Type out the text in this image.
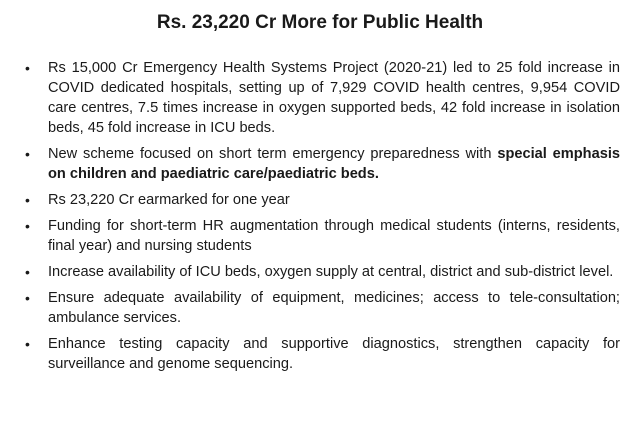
Rs. 23,220 Cr More for Public Health
• Rs 15,000 Cr Emergency Health Systems Project (2020-21) led to 25 fold increase in COVID dedicated hospitals, setting up of 7,929 COVID health centres, 9,954 COVID care centres, 7.5 times increase in oxygen supported beds, 42 fold increase in isolation beds, 45 fold increase in ICU beds.
• New scheme focused on short term emergency preparedness with special emphasis on children and paediatric care/paediatric beds.
• Rs 23,220 Cr earmarked for one year
• Funding for short-term HR augmentation through medical students (interns, residents, final year) and nursing students
• Increase availability of ICU beds, oxygen supply at central, district and sub-district level.
• Ensure adequate availability of equipment, medicines; access to tele-consultation; ambulance services.
• Enhance testing capacity and supportive diagnostics, strengthen capacity for surveillance and genome sequencing.
